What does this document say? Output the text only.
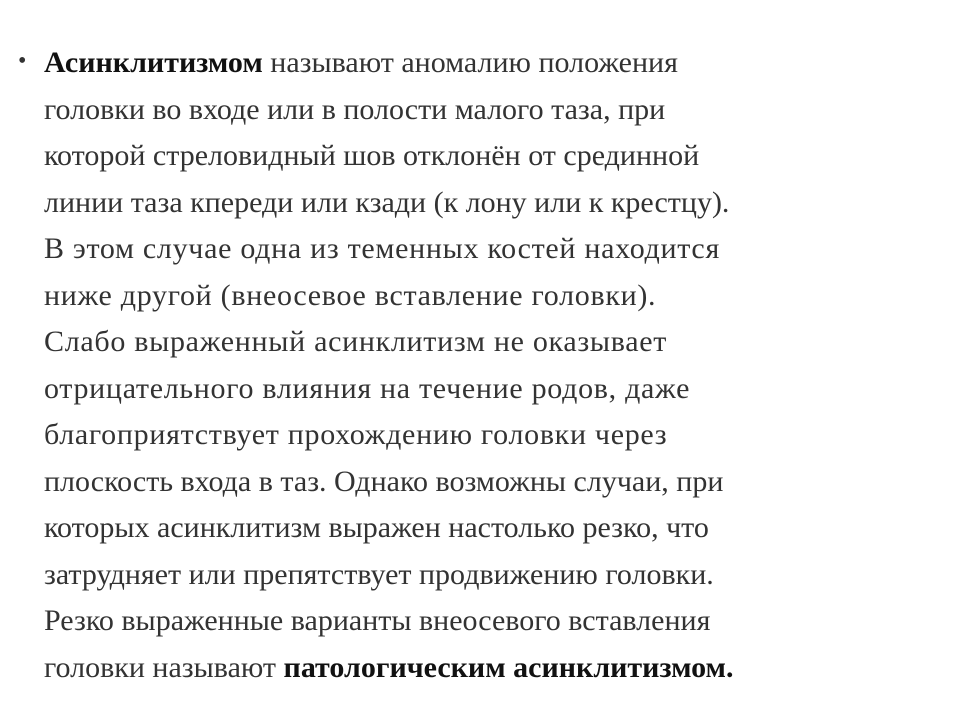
• Асинклитизмом называют аномалию положения
головки во входе или в полости малого таза, при
которой стреловидный шов отклонён от срединной
линии таза кпереди или кзади (к лону или к крестцу).
В этом случае одна из теменных костей находится
ниже другой (внеосевое вставление головки).
Слабо выраженный асинклитизм не оказывает
отрицательного влияния на течение родов, даже
благоприятствует прохождению головки через
плоскость входа в таз. Однако возможны случаи, при
которых асинклитизм выражен настолько резко, что
затрудняет или препятствует продвижению головки.
Резко выраженные варианты внеосевого вставления
головки называют патологическим асинклитизмом.
